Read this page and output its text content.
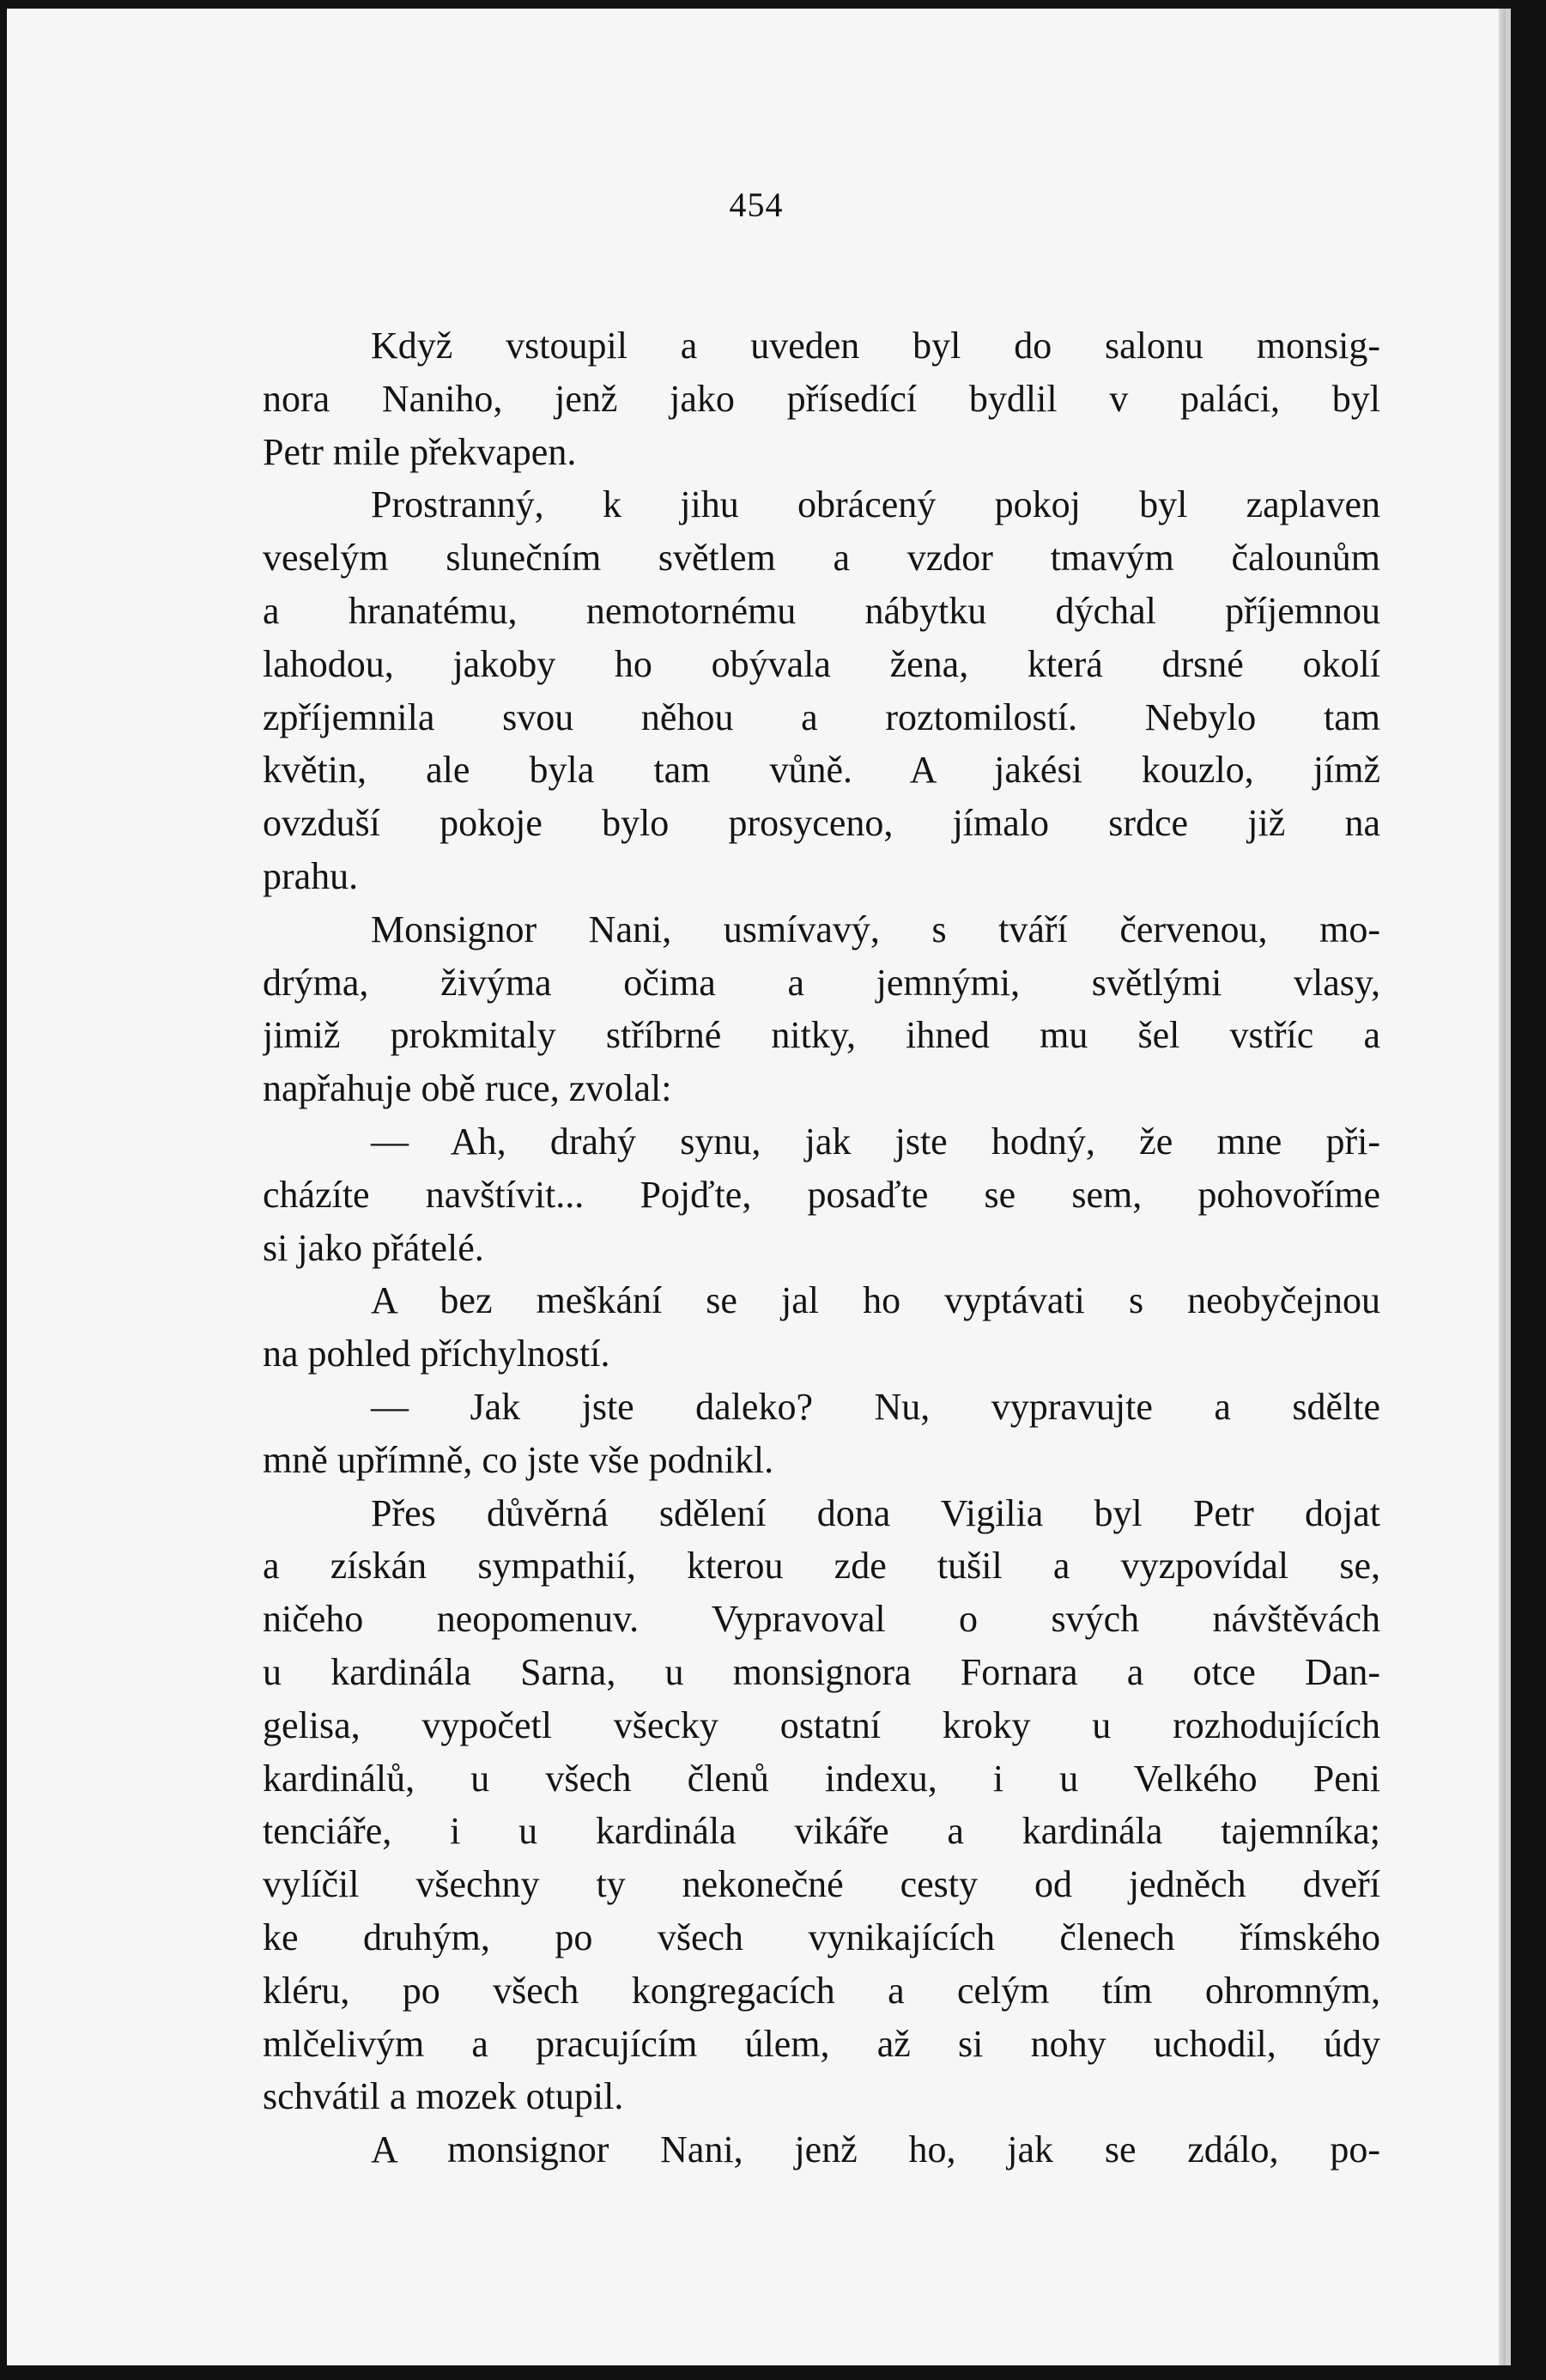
454
Když vstoupil a uveden byl do salonu monsig-
nora Naniho, jenž jako přísedící bydlil v paláci, byl
Petr mile překvapen.
Prostranný, k jihu obrácený pokoj byl zaplaven
veselým slunečním světlem a vzdor tmavým čalounům
a hranatému, nemotornému nábytku dýchal příjemnou
lahodou, jakoby ho obývala žena, která drsné okolí
zpříjemnila svou něhou a roztomilostí. Nebylo tam
květin, ale byla tam vůně. A jakési kouzlo, jímž
ovzduší pokoje bylo prosyceno, jímalo srdce již na
prahu.
Monsignor Nani, usmívavý, s tváří červenou, mo-
drýma, živýma očima a jemnými, světlými vlasy,
jimiž prokmitaly stříbrné nitky, ihned mu šel vstříc a
napřahuje obě ruce, zvolal:
— Ah, drahý synu, jak jste hodný, že mne při-
cházíte navštívit... Pojďte, posaďte se sem, pohovoříme
si jako přátelé.
A bez meškání se jal ho vyptávati s neobyčejnou
na pohled příchylností.
— Jak jste daleko? Nu, vypravujte a sdělte
mně upřímně, co jste vše podnikl.
Přes důvěrná sdělení dona Vigilia byl Petr dojat
a získán sympathií, kterou zde tušil a vyzpovídal se,
ničeho neopomenuv. Vypravoval o svých návštěvách
u kardinála Sarna, u monsignora Fornara a otce Dan-
gelisa, vypočetl všecky ostatní kroky u rozhodujících
kardinálů, u všech členů indexu, i u Velkého Peni
tenciáře, i u kardinála vikáře a kardinála tajemníka;
vylíčil všechny ty nekonečné cesty od jedněch dveří
ke druhým, po všech vynikajících členech římského
kléru, po všech kongregacích a celým tím ohromným,
mlčelivým a pracujícím úlem, až si nohy uchodil, údy
schvátil a mozek otupil.
A monsignor Nani, jenž ho, jak se zdálo, po-
